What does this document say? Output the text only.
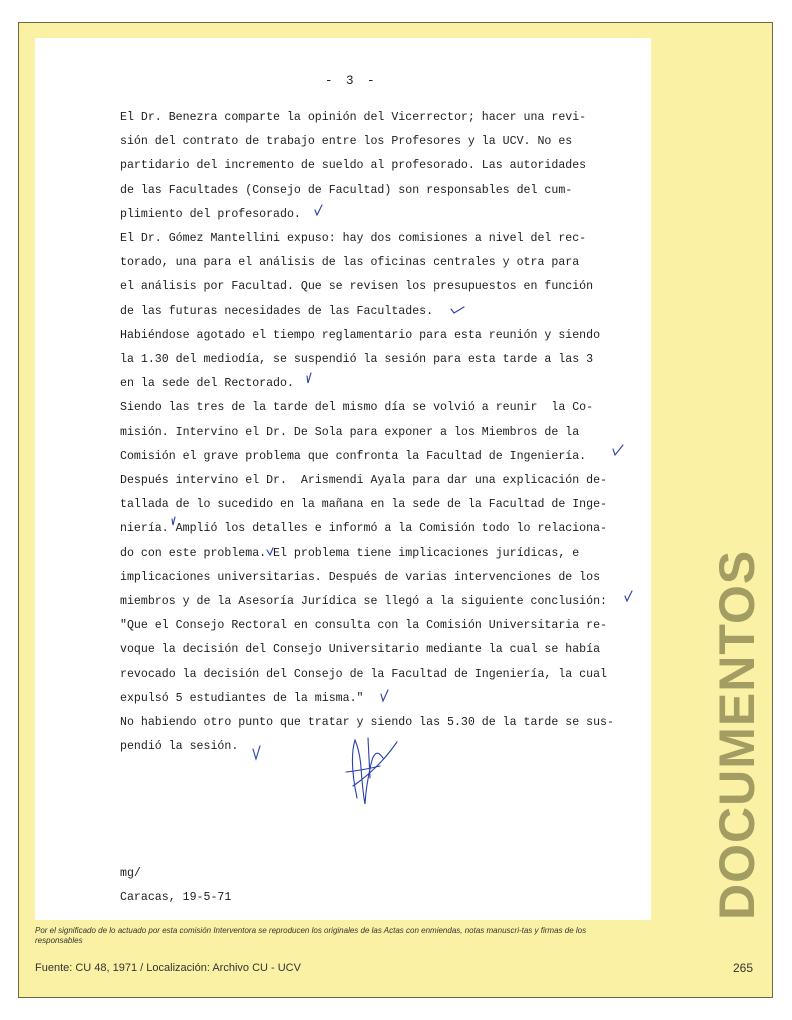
- 3 -
El Dr. Benezra comparte la opinión del Vicerrector; hacer una revi-
sión del contrato de trabajo entre los Profesores y la UCV. No es
partidario del incremento de sueldo al profesorado. Las autoridades
de las Facultades (Consejo de Facultad) son responsables del cum-
plimiento del profesorado.
El Dr. Gómez Mantellini expuso: hay dos comisiones a nivel del rec-
torado, una para el análisis de las oficinas centrales y otra para
el análisis por Facultad. Que se revisen los presupuestos en función
de las futuras necesidades de las Facultades.
Habiéndose agotado el tiempo reglamentario para esta reunión y siendo
la 1.30 del mediodía, se suspendió la sesión para esta tarde a las 3
en la sede del Rectorado.
Siendo las tres de la tarde del mismo día se volvió a reunir  la Co-
misión. Intervino el Dr. De Sola para exponer a los Miembros de la
Comisión el grave problema que confronta la Facultad de Ingeniería.
Después intervino el Dr.  Arismendi Ayala para dar una explicación de-
tallada de lo sucedido en la mañana en la sede de la Facultad de Inge-
niería. Amplió los detalles e informó a la Comisión todo lo relaciona-
do con este problema. El problema tiene implicaciones jurídicas, e
implicaciones universitarias. Después de varias intervenciones de los
miembros y de la Asesoría Jurídica se llegó a la siguiente conclusión:
"Que el Consejo Rectoral en consulta con la Comisión Universitaria re-
voque la decisión del Consejo Universitario mediante la cual se había
revocado la decisión del Consejo de la Facultad de Ingeniería, la cual
expulsó 5 estudiantes de la misma."
No habiendo otro punto que tratar y siendo las 5.30 de la tarde se sus-
pendió la sesión.
mg/
Caracas, 19-5-71	DOCUMENTOS
Por el significado de lo actuado por esta comisión Interventora se reproducen los originales de las Actas con enmiendas, notas manuscri-tas y firmas de los responsables
Fuente: CU 48, 1971 / Localización: Archivo CU - UCV	265
